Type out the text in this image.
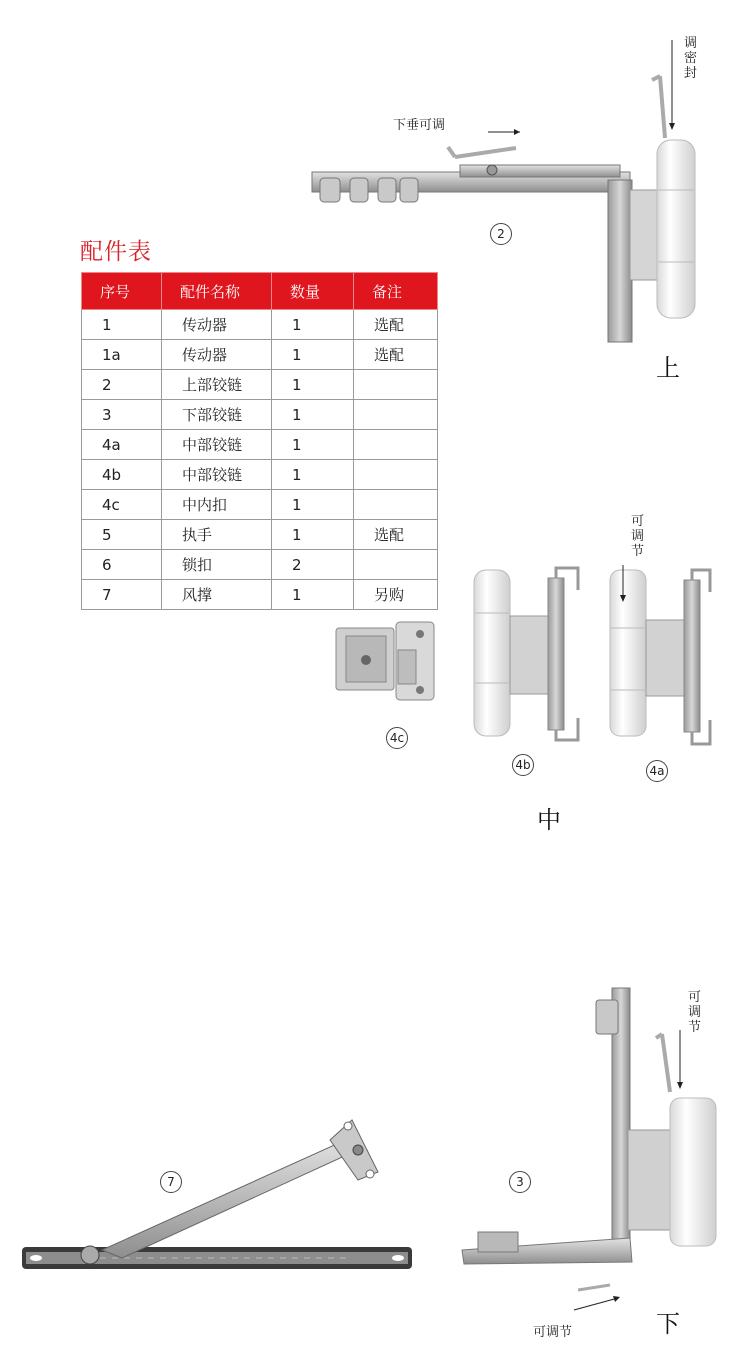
配件表
序号	配件名称	数量	备注
1	传动器	1	选配
1a	传动器	1	选配
2	上部铰链	1	
3	下部铰链	1	
4a	中部铰链	1	
4b	中部铰链	1	
4c	中内扣	1	
5	执手	1	选配
6	锁扣	2	
7	风撑	1	另购
下垂可调
调密封
2
上
可调节
4c
4b	4a
中
7	3
可调节
可调节	下
